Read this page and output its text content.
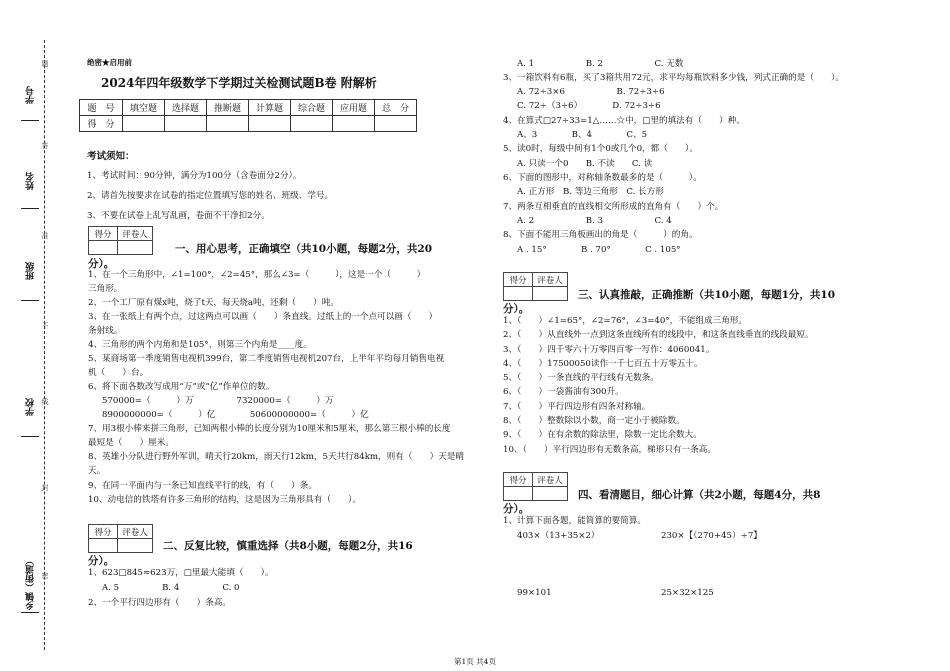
题
答
准
不
线
封
密
学号
姓名
班级
学校
乡镇（街道）
绝密★启用前
2024年四年级数学下学期过关检测试题B卷 附解析
题　号	填空题	选择题	推断题	计算题	综合题	应用题	总　分
得　分							
考试须知：
1、考试时间：90分钟，满分为100分（含卷面分2分）。
2、请首先按要求在试卷的指定位置填写您的姓名、班级、学号。
3、不要在试卷上乱写乱画，卷面不干净扣2分。
得分	评卷人

一、用心思考，正确填空（共10小题，每题2分，共20
分）。
1、在一个三角形中，∠1=100°，∠2=45°，那么∠3=（　　　），这是一个（　　　）
三角形。
2、一个工厂原有煤x吨，烧了t天，每天烧a吨，还剩（　　）吨。
3、在一张纸上有两个点，过这两点可以画（　　）条直线。过纸上的一个点可以画（　　）
条射线。
4、三角形的两个内角和是105°，则第三个内角是____度。
5、某商场第一季度销售电视机399台，第二季度销售电视机207台，上半年平均每月销售电视
机（　　）台。
6、将下面各数改写成用“万”或“亿”作单位的数。
570000=（　　　）万　　　　　7320000=（　　　）万
8900000000=（　　　）亿　　　　50600000000=（　　　）亿
7、用3根小棒来拼三角形，已知两根小棒的长度分别为10厘米和5厘米，那么第三根小棒的长度
最短是（　　）厘米。
8、英雄小分队进行野外军训，晴天行20km，雨天行12km，5天共行84km，则有（　　）天是晴
天。
9、在同一平面内与一条已知直线平行的线，有（　　）条。
10、动电信的铁塔有许多三角形的结构，这是因为三角形具有（　　）。
得分	评卷人

二、反复比较，慎重选择（共8小题，每题2分，共16
分）。
1、623□845≈623万，□里最大能填（　　）。
A. 5　　　　　B. 4　　　　　C. 0
2、一个平行四边形有（　　）条高。
A. 1　　　　　　B. 2　　　　　　C. 无数
3、一箱饮料有6瓶，买了3箱共用72元，求平均每瓶饮料多少钱，列式正确的是（　　）。
A. 72÷3×6　　　　　　B. 72÷3÷6
C. 72÷（3÷6）　　　　D. 72÷3÷6
4、在算式□27÷33=1△……☆中，□里的填法有（　　）种。
A、3　　　　B、4　　　　C、5
5、读0时，每级中间有1个0或几个0，都（　　）。
A. 只读一个0　　B. 不读　　C. 读
6、下面的图形中，对称轴条数最多的是（　　　）。
A. 正方形　B. 等边三角形　C. 长方形
7、两条互相垂直的直线相交所形成的直角有（　　）个。
A. 2　　　　　　B. 3　　　　　　C. 4
8、下面不能用三角板画出的角是（　　　）的角。
A . 15°　　　　B . 70°　　　　C . 105°
得分	评卷人

三、认真推敲，正确推断（共10小题，每题1分，共10
分）。
1、（　　）∠1=65°，∠2=76°，∠3=40°，不能组成三角形。
2、（　　）从直线外一点到这条直线所有的线段中，和这条直线垂直的线段最短。
3、（　　）四千零六十万零四百零一写作：4060041。
4、（　　）17500050读作一千七百五十万零五十。
5、（　　）一条直线的平行线有无数条。
6、（　　）一袋酱油有300升。
7、（　　）平行四边形有四条对称轴。
8、（　　）整数除以小数，商一定小于被除数。
9、（　　）在有余数的除法里，除数一定比余数大。
10、（　　）平行四边形有无数条高，梯形只有一条高。
得分	评卷人

四、看清题目，细心计算（共2小题，每题4分，共8
分）。
1、计算下面各题，能简算的要简算。
403×（13+35×2）	230×【（270+45）÷7】
99×101	25×32×125
第1页 共4页
